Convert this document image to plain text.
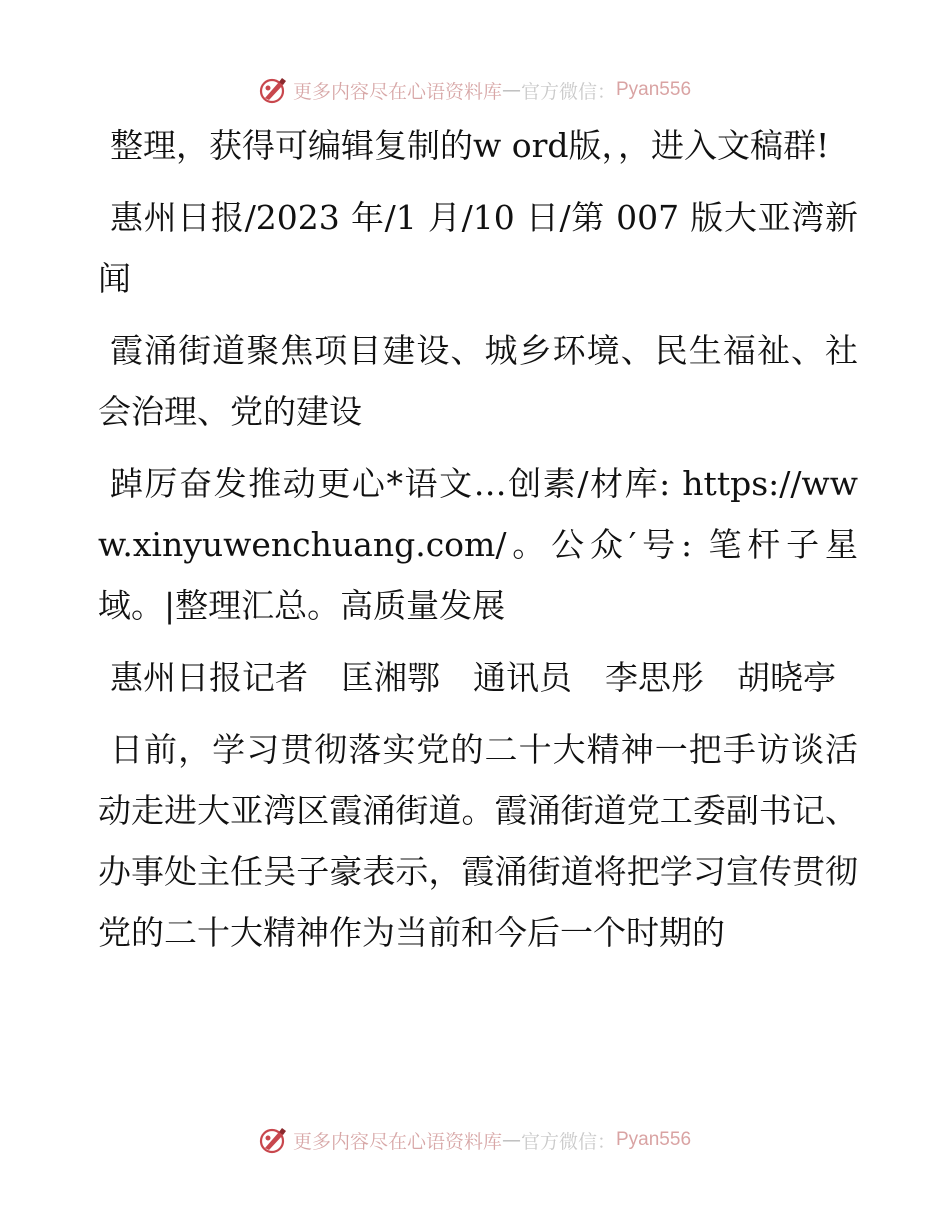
更多内容尽在心语资料库 — 官方微信： Pyan556

整理，获得可编辑复制的w ord版，，进入文稿群!

惠州日报/2023 年/1 月/10 日/第 007 版大亚湾新闻

霞涌街道聚焦项目建设、城乡环境、民生福祉、社会治理、党的建设

踔厉奋发推动更心*语文…创素/材库: https://www.xinyuwenchuang.com/。公众′号: 笔杆子星域。|整理汇总。高质量发展

惠州日报记者　匡湘鄂　通讯员　李思彤　胡晓亭

日前，学习贯彻落实党的二十大精神一把手访谈活动走进大亚湾区霞涌街道。霞涌街道党工委副书记、办事处主任吴子豪表示，霞涌街道将把学习宣传贯彻党的二十大精神作为当前和今后一个时期的

更多内容尽在心语资料库 — 官方微信： Pyan556
